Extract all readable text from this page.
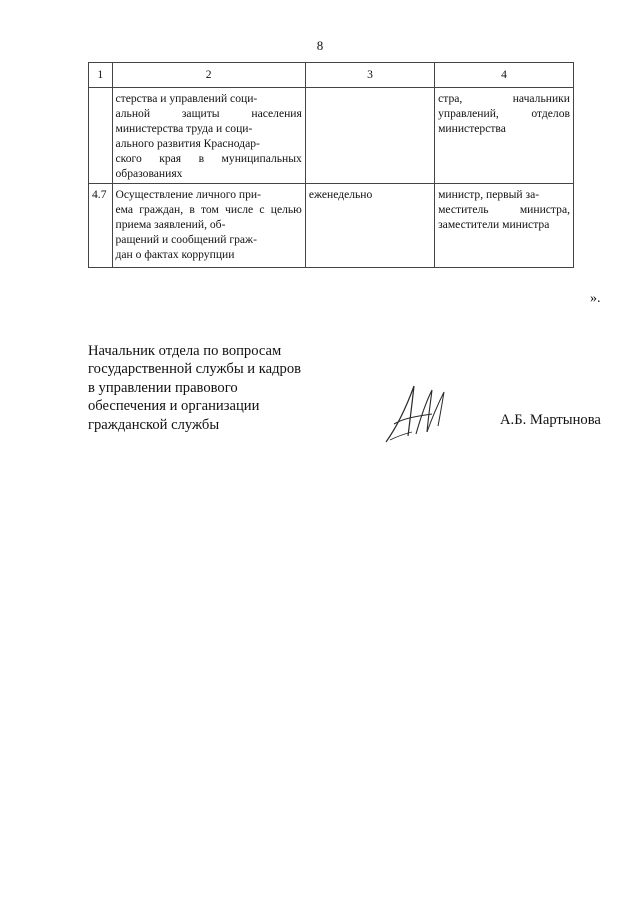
8
1	2	3	4
	стерства и управлений соци-
альной защиты населения министерства труда и соци-
ального развития Краснодар-
ского края в муниципальных образованиях		стра, начальники управлений, отделов министерства
4.7	Осуществление личного при-
ема граждан, в том числе с целью приема заявлений, об-
ращений и сообщений граж-
дан о фактах коррупции	еженедельно	министр, первый за-
меститель министра, заместители министра
».
Начальник отдела по вопросам
государственной службы и кадров
в управлении правового
обеспечения и организации
гражданской службы	А.Б. Мартынова
